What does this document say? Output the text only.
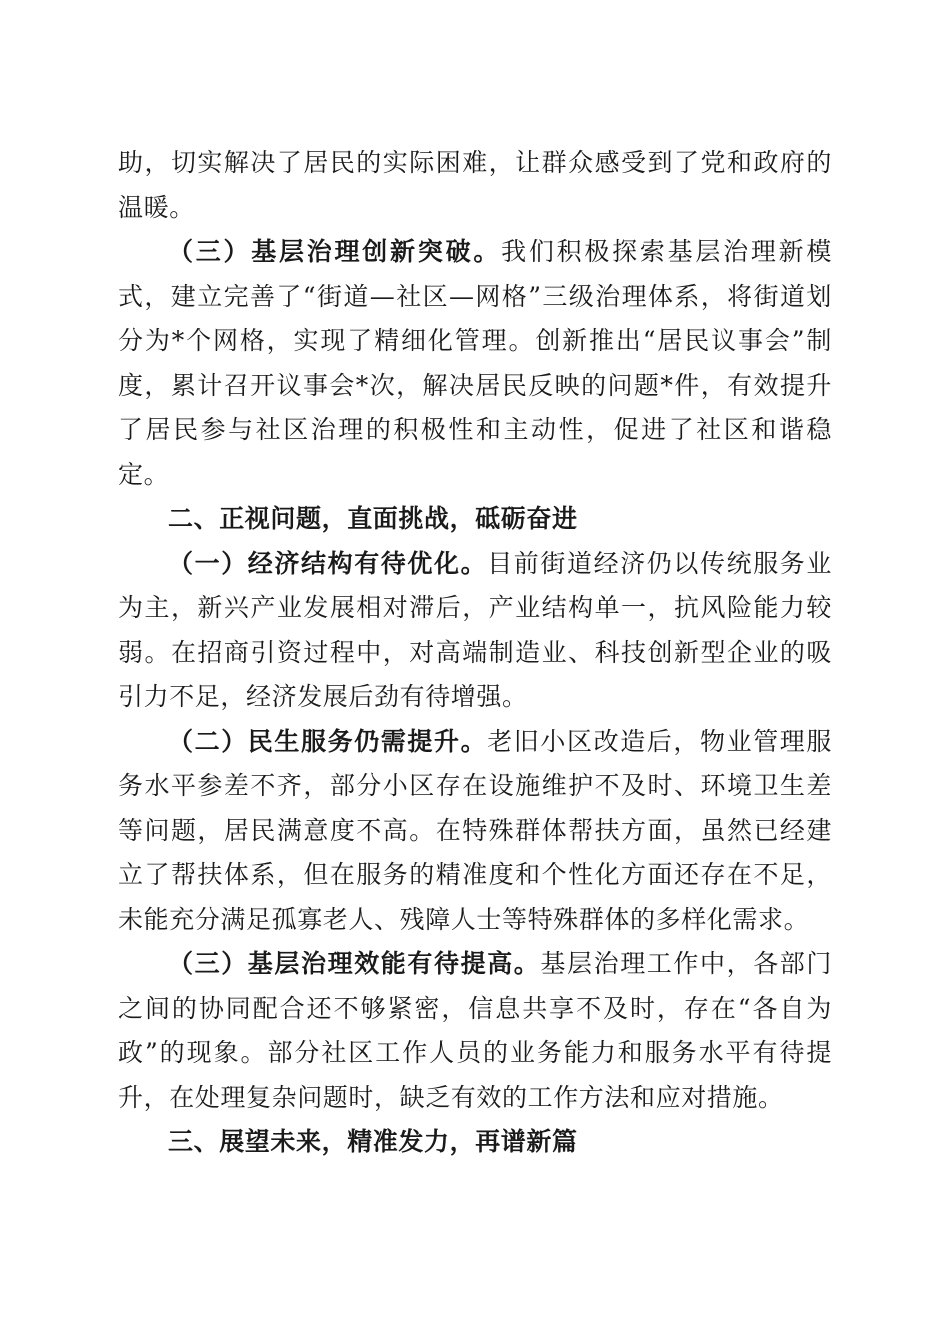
助，切实解决了居民的实际困难，让群众感受到了党和政府的温暖。

（三）基层治理创新突破。我们积极探索基层治理新模式，建立完善了“街道—社区—网格”三级治理体系，将街道划分为*个网格，实现了精细化管理。创新推出“居民议事会”制度，累计召开议事会*次，解决居民反映的问题*件，有效提升了居民参与社区治理的积极性和主动性，促进了社区和谐稳定。

二、正视问题，直面挑战，砥砺奋进

（一）经济结构有待优化。目前街道经济仍以传统服务业为主，新兴产业发展相对滞后，产业结构单一，抗风险能力较弱。在招商引资过程中，对高端制造业、科技创新型企业的吸引力不足，经济发展后劲有待增强。

（二）民生服务仍需提升。老旧小区改造后，物业管理服务水平参差不齐，部分小区存在设施维护不及时、环境卫生差等问题，居民满意度不高。在特殊群体帮扶方面，虽然已经建立了帮扶体系，但在服务的精准度和个性化方面还存在不足，未能充分满足孤寡老人、残障人士等特殊群体的多样化需求。

（三）基层治理效能有待提高。基层治理工作中，各部门之间的协同配合还不够紧密，信息共享不及时，存在“各自为政”的现象。部分社区工作人员的业务能力和服务水平有待提升，在处理复杂问题时，缺乏有效的工作方法和应对措施。

三、展望未来，精准发力，再谱新篇
